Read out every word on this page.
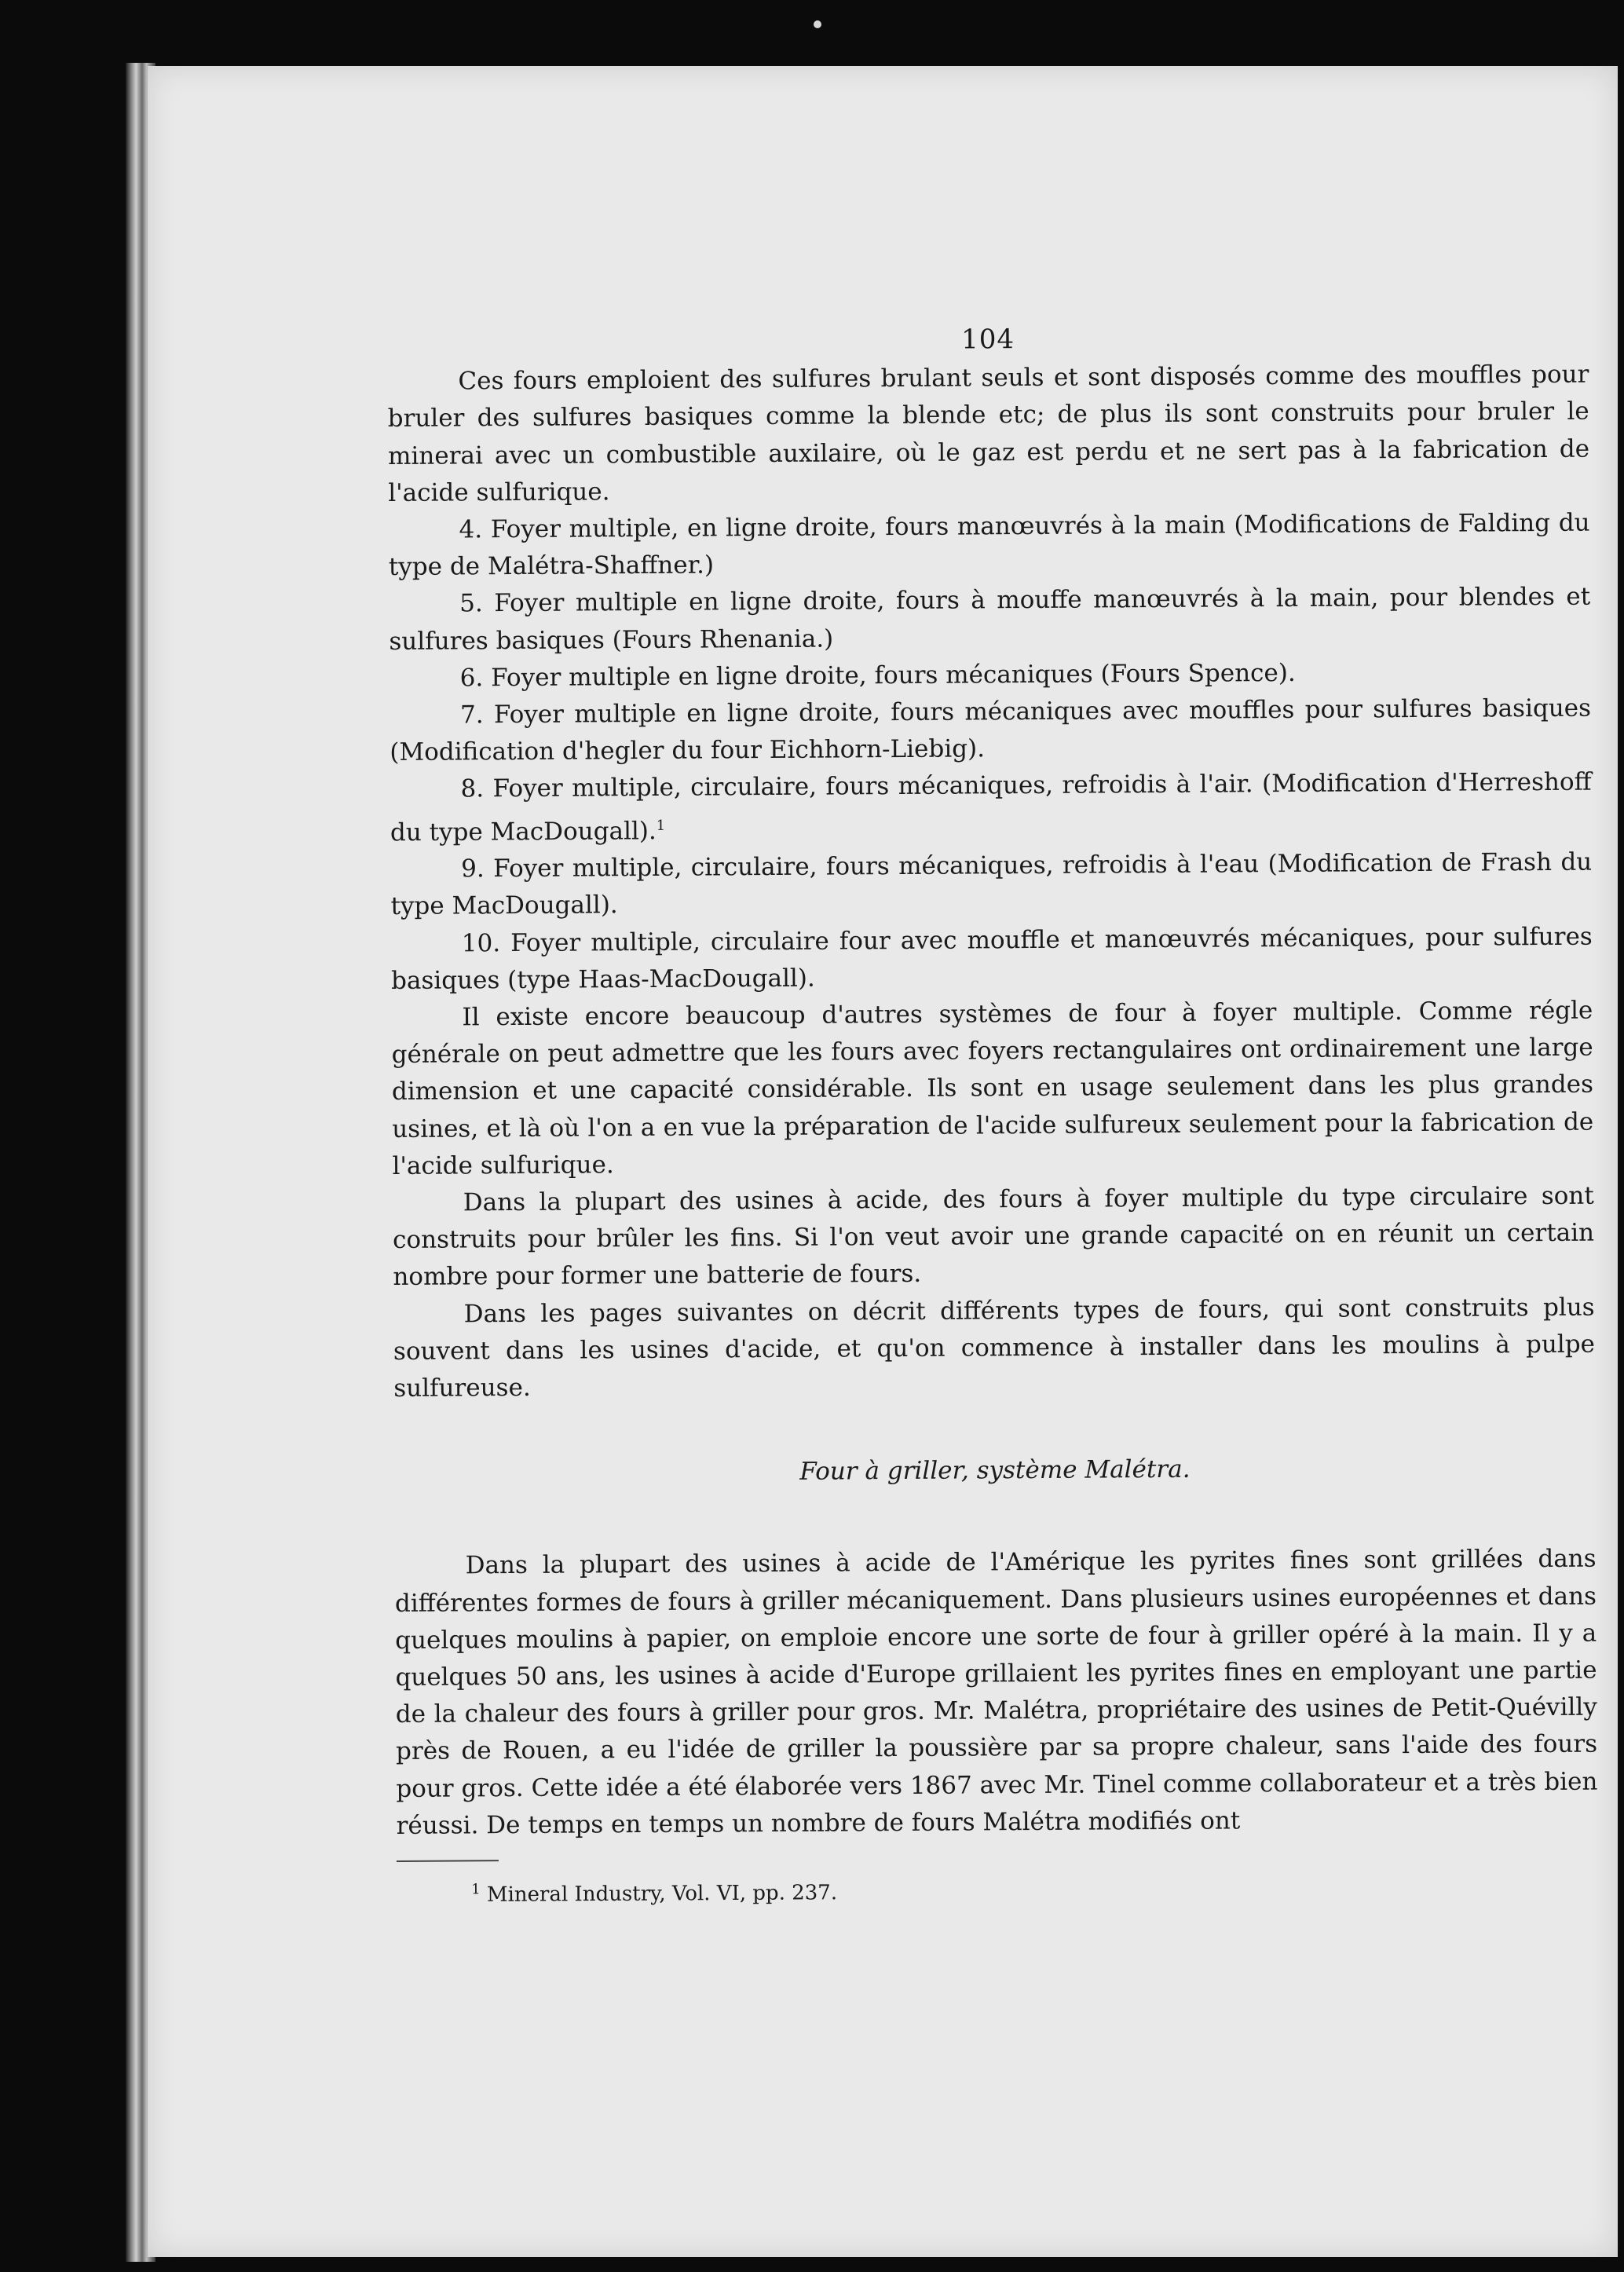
104

Ces fours emploient des sulfures brulant seuls et sont disposés comme des mouffles pour bruler des sulfures basiques comme la blende etc; de plus ils sont construits pour bruler le minerai avec un combustible auxilaire, où le gaz est perdu et ne sert pas à la fabrication de l'acide sulfurique.

4. Foyer multiple, en ligne droite, fours manœuvrés à la main (Modifications de Falding du type de Malétra-Shaffner.)

5. Foyer multiple en ligne droite, fours à mouffe manœuvrés à la main, pour blendes et sulfures basiques (Fours Rhenania.)

6. Foyer multiple en ligne droite, fours mécaniques (Fours Spence).

7. Foyer multiple en ligne droite, fours mécaniques avec mouffles pour sulfures basiques (Modification d'hegler du four Eichhorn-Liebig).

8. Foyer multiple, circulaire, fours mécaniques, refroidis à l'air. (Modification d'Herreshoff du type MacDougall).$^1$

9. Foyer multiple, circulaire, fours mécaniques, refroidis à l'eau (Modification de Frash du type MacDougall).

10. Foyer multiple, circulaire four avec mouffle et manœuvrés mécaniques, pour sulfures basiques (type Haas-MacDougall).

Il existe encore beaucoup d'autres systèmes de four à foyer multiple. Comme régle générale on peut admettre que les fours avec foyers rectangulaires ont ordinairement une large dimension et une capacité considérable. Ils sont en usage seulement dans les plus grandes usines, et là où l'on a en vue la préparation de l'acide sulfureux seulement pour la fabrication de l'acide sulfurique.

Dans la plupart des usines à acide, des fours à foyer multiple du type circulaire sont construits pour brûler les fins. Si l'on veut avoir une grande capacité on en réunit un certain nombre pour former une batterie de fours.

Dans les pages suivantes on décrit différents types de fours, qui sont construits plus souvent dans les usines d'acide, et qu'on commence à installer dans les moulins à pulpe sulfureuse.

Four à griller, système Malétra.

Dans la plupart des usines à acide de l'Amérique les pyrites fines sont grillées dans différentes formes de fours à griller mécaniquement. Dans plusieurs usines européennes et dans quelques moulins à papier, on emploie encore une sorte de four à griller opéré à la main. Il y a quelques 50 ans, les usines à acide d'Europe grillaient les pyrites fines en employant une partie de la chaleur des fours à griller pour gros. Mr. Malétra, propriétaire des usines de Petit-Quévilly près de Rouen, a eu l'idée de griller la poussière par sa propre chaleur, sans l'aide des fours pour gros. Cette idée a été élaborée vers 1867 avec Mr. Tinel comme collaborateur et a très bien réussi. De temps en temps un nombre de fours Malétra modifiés ont

$^1$ Mineral Industry, Vol. VI, pp. 237.
